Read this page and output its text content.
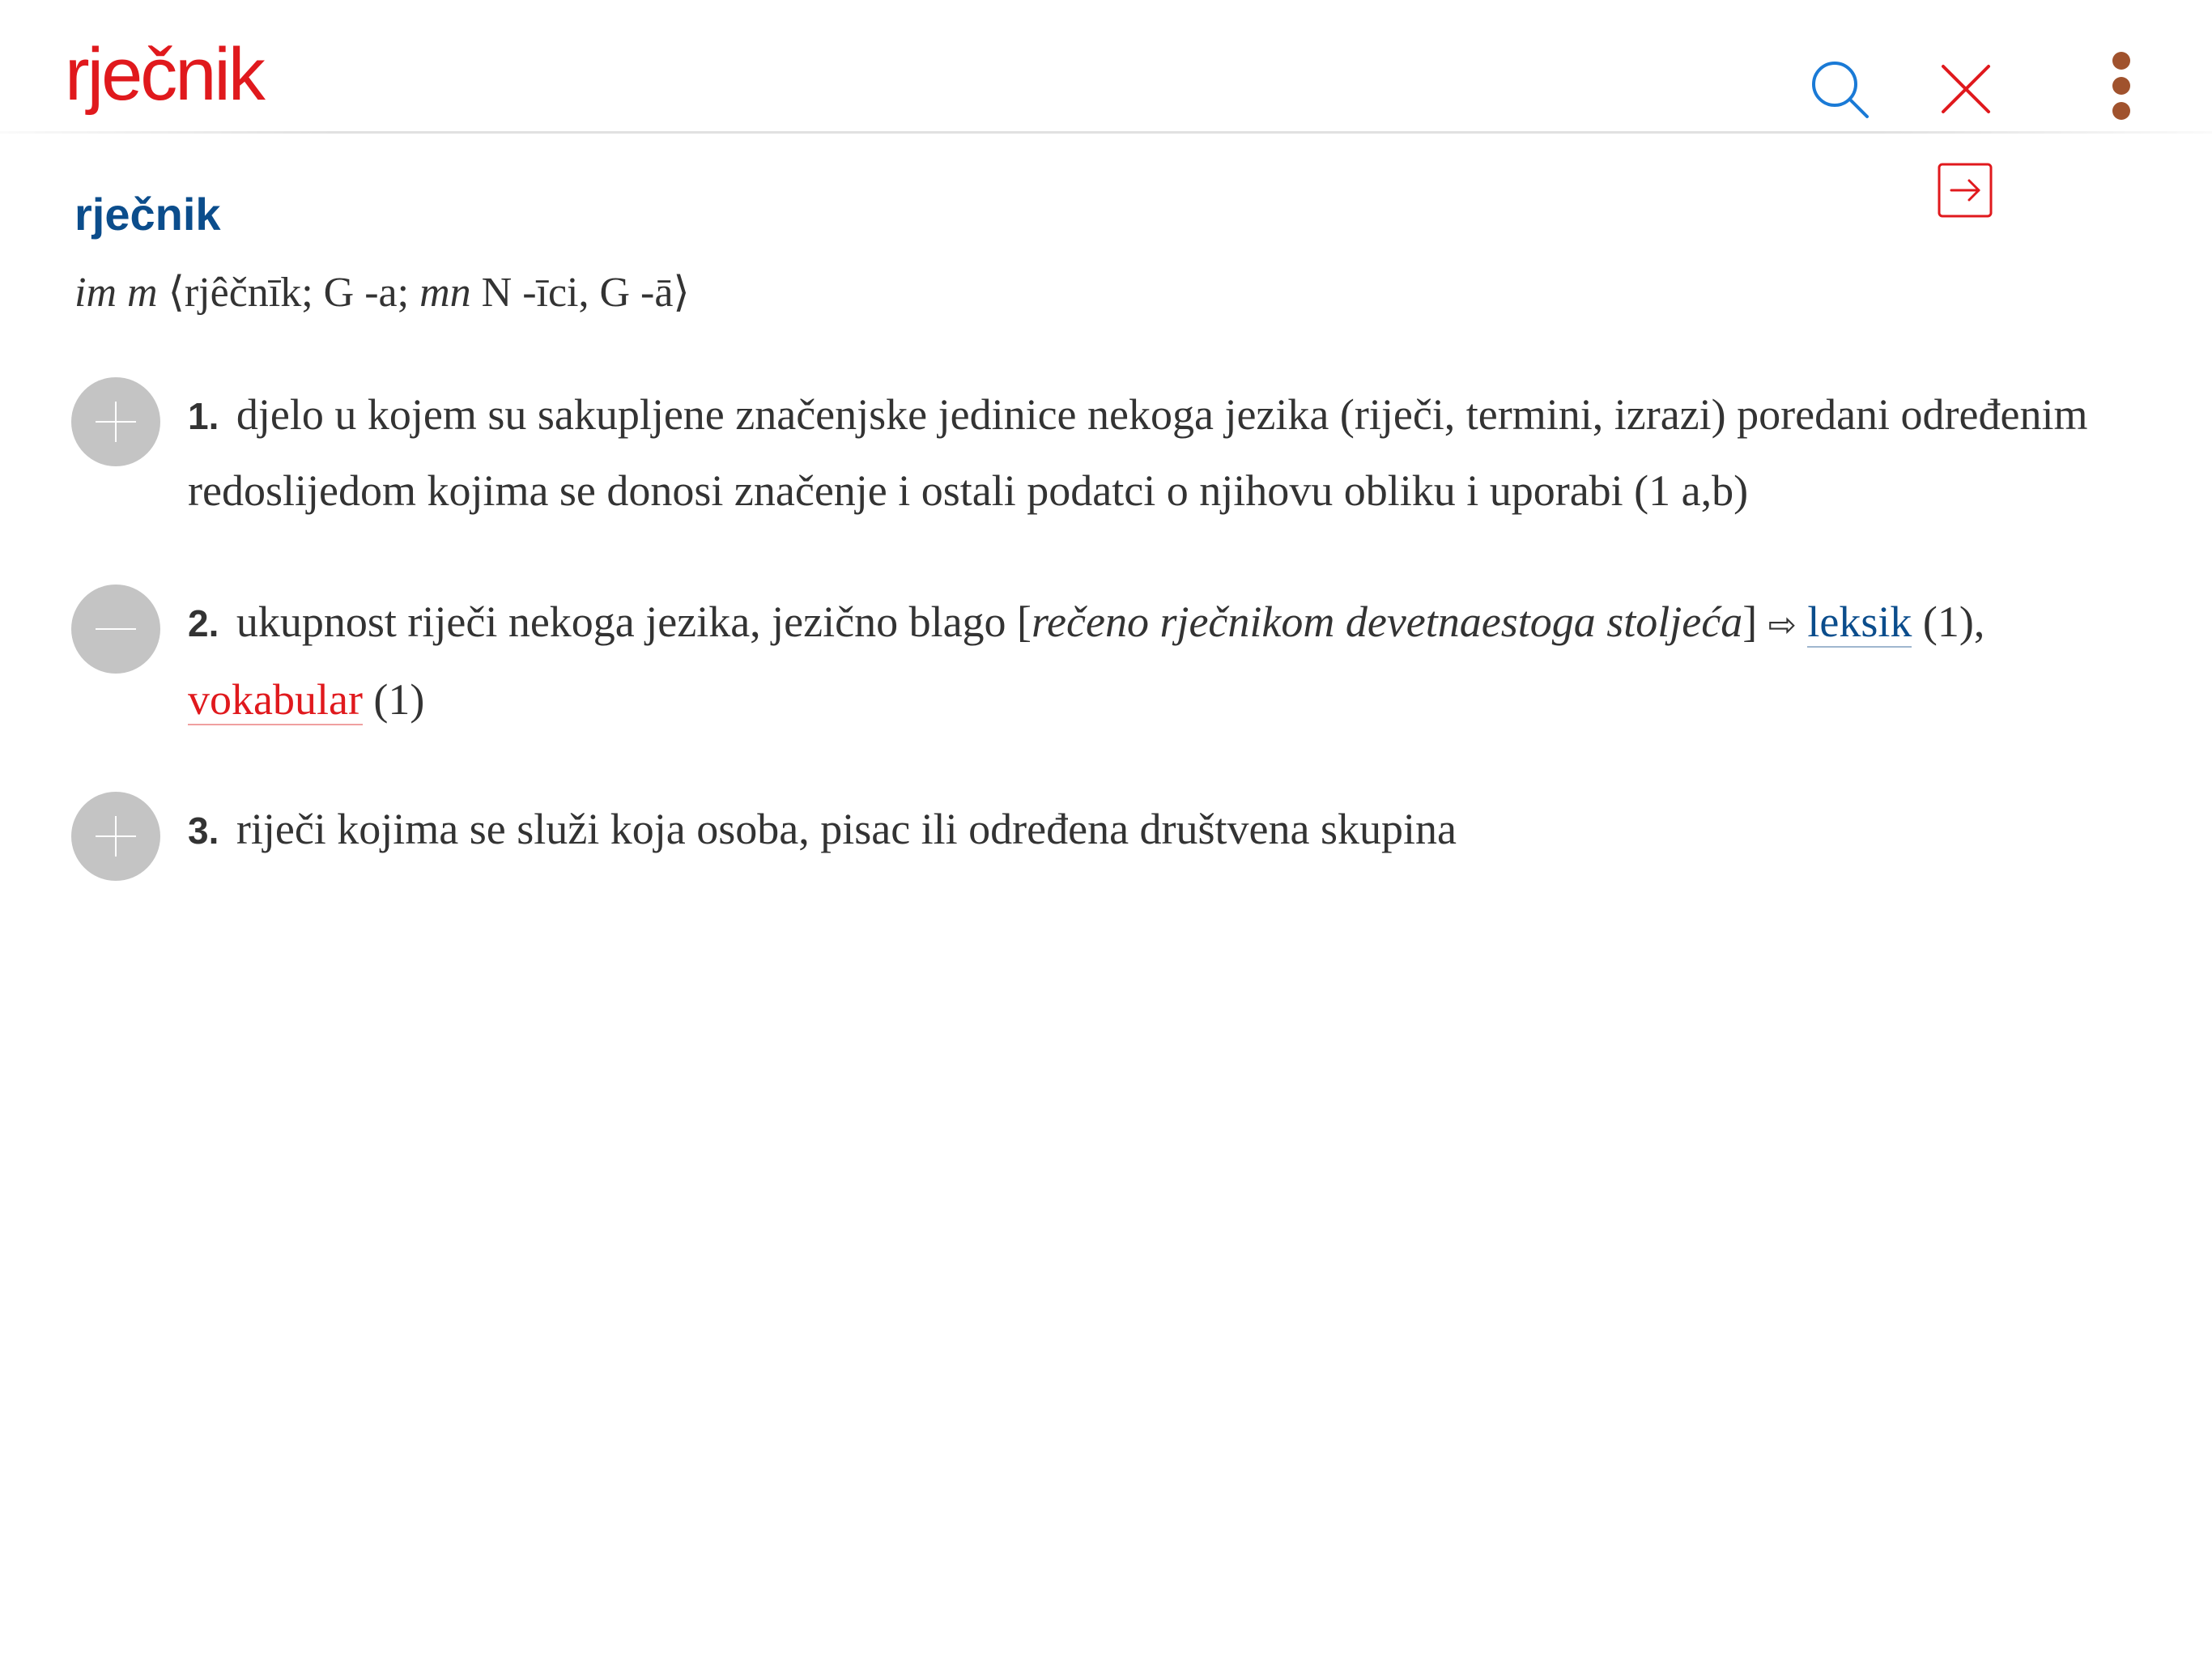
rječnik
rječnik
im m ⟨rjêčnīk; G -a; mn N -īci, G -ā⟩
1. djelo u kojem su sakupljene značenjske jedinice nekoga jezika (riječi, termini, izrazi) poredani određenim redoslijedom kojima se donosi značenje i ostali podatci o njihovu obliku i uporabi (1 a,b)
2. ukupnost riječi nekoga jezika, jezično blago [rečeno rječnikom devetnaestoga stoljeća] ⇨ leksik (1), vokabular (1)
3. riječi kojima se služi koja osoba, pisac ili određena društvena skupina
